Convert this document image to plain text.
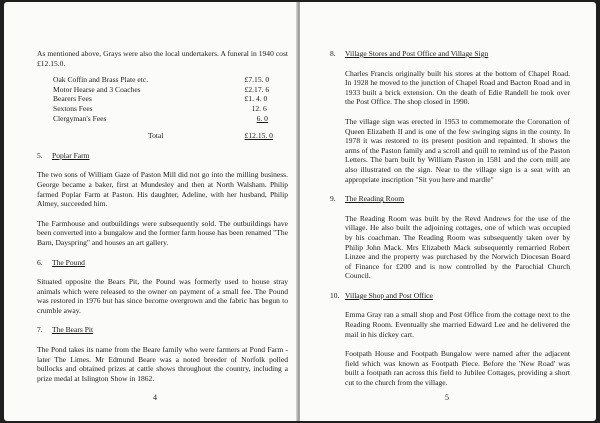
As mentioned above, Grays were also the local undertakers. A funeral in 1940 cost £12.15.0.

Oak Coffin and Brass Plate etc.	£7.15. 0
Motor Hearse and 3 Coaches	£2.17. 6
Bearers Fees	£1. 4. 0
Sextons Fees	12. 6
Clergyman's Fees	6. 0

Total	£12.15. 0
5.	Poplar Farm

The two sons of William Gaze of Paston Mill did not go into the milling business. George became a baker, first at Mundesley and then at North Walsham. Philip farmed Poplar Farm at Paston. His daughter, Adeline, with her husband, Philip Almey, succeeded him.

The Farmhouse and outbuildings were subsequently sold. The outbuildings have been converted into a bungalow and the former farm house has been renamed "The Barn, Dayspring" and houses an art gallery.

6.	The Pound

Situated opposite the Bears Pit, the Pound was formerly used to house stray animals which were released to the owner on payment of a small fee. The Pound was restored in 1976 but has since become overgrown and the fabric has begun to crumble away.

7.	The Bears Pit

The Pond takes its name from the Beare family who were farmers at Pond Farm - later The Limes. Mr Edmund Beare was a noted breeder of Norfolk polled bullocks and obtained prizes at cattle shows throughout the country, including a prize medal at Islington Show in 1862.

4
8.	Village Stores and Post Office and Village Sign

Charles Francis originally built his stores at the bottom of Chapel Road. In 1928 he moved to the junction of Chapel Road and Bacton Road and in 1933 built a brick extension. On the death of Edie Randell he took over the Post Office. The shop closed in 1990.

The village sign was erected in 1953 to commemorate the Coronation of Queen Elizabeth II and is one of the few swinging signs in the county. In 1978 it was restored to its present position and repainted. It shows the arms of the Paston family and a scroll and quill to remind us of the Paston Letters. The barn built by William Paston in 1581 and the corn mill are also illustrated on the sign. Near to the village sign is a seat with an appropriate inscription "Sit you here and mardle"

9.	The Reading Room

The Reading Room was built by the Revd Andrews for the use of the village. He also built the adjoining cottages, one of which was occupied by his coachman. The Reading Room was subsequently taken over by Philip John Mack. Mrs Elizabeth Mack subsequently remarried Robert Linzee and the property was purchased by the Norwich Diocesan Board of Finance for £200 and is now controlled by the Parochial Church Council.

10. Village Shop and Post Office

Emma Gray ran a small shop and Post Office from the cottage next to the Reading Room. Eventually she married Edward Lee and he delivered the mail in his dickey cart.

Footpath House and Footpath Bungalow were named after the adjacent field which was known as Footpath Piece. Before the 'New Road' was built a footpath ran across this field to Jubilee Cottages, providing a short cut to the church from the village.

5
